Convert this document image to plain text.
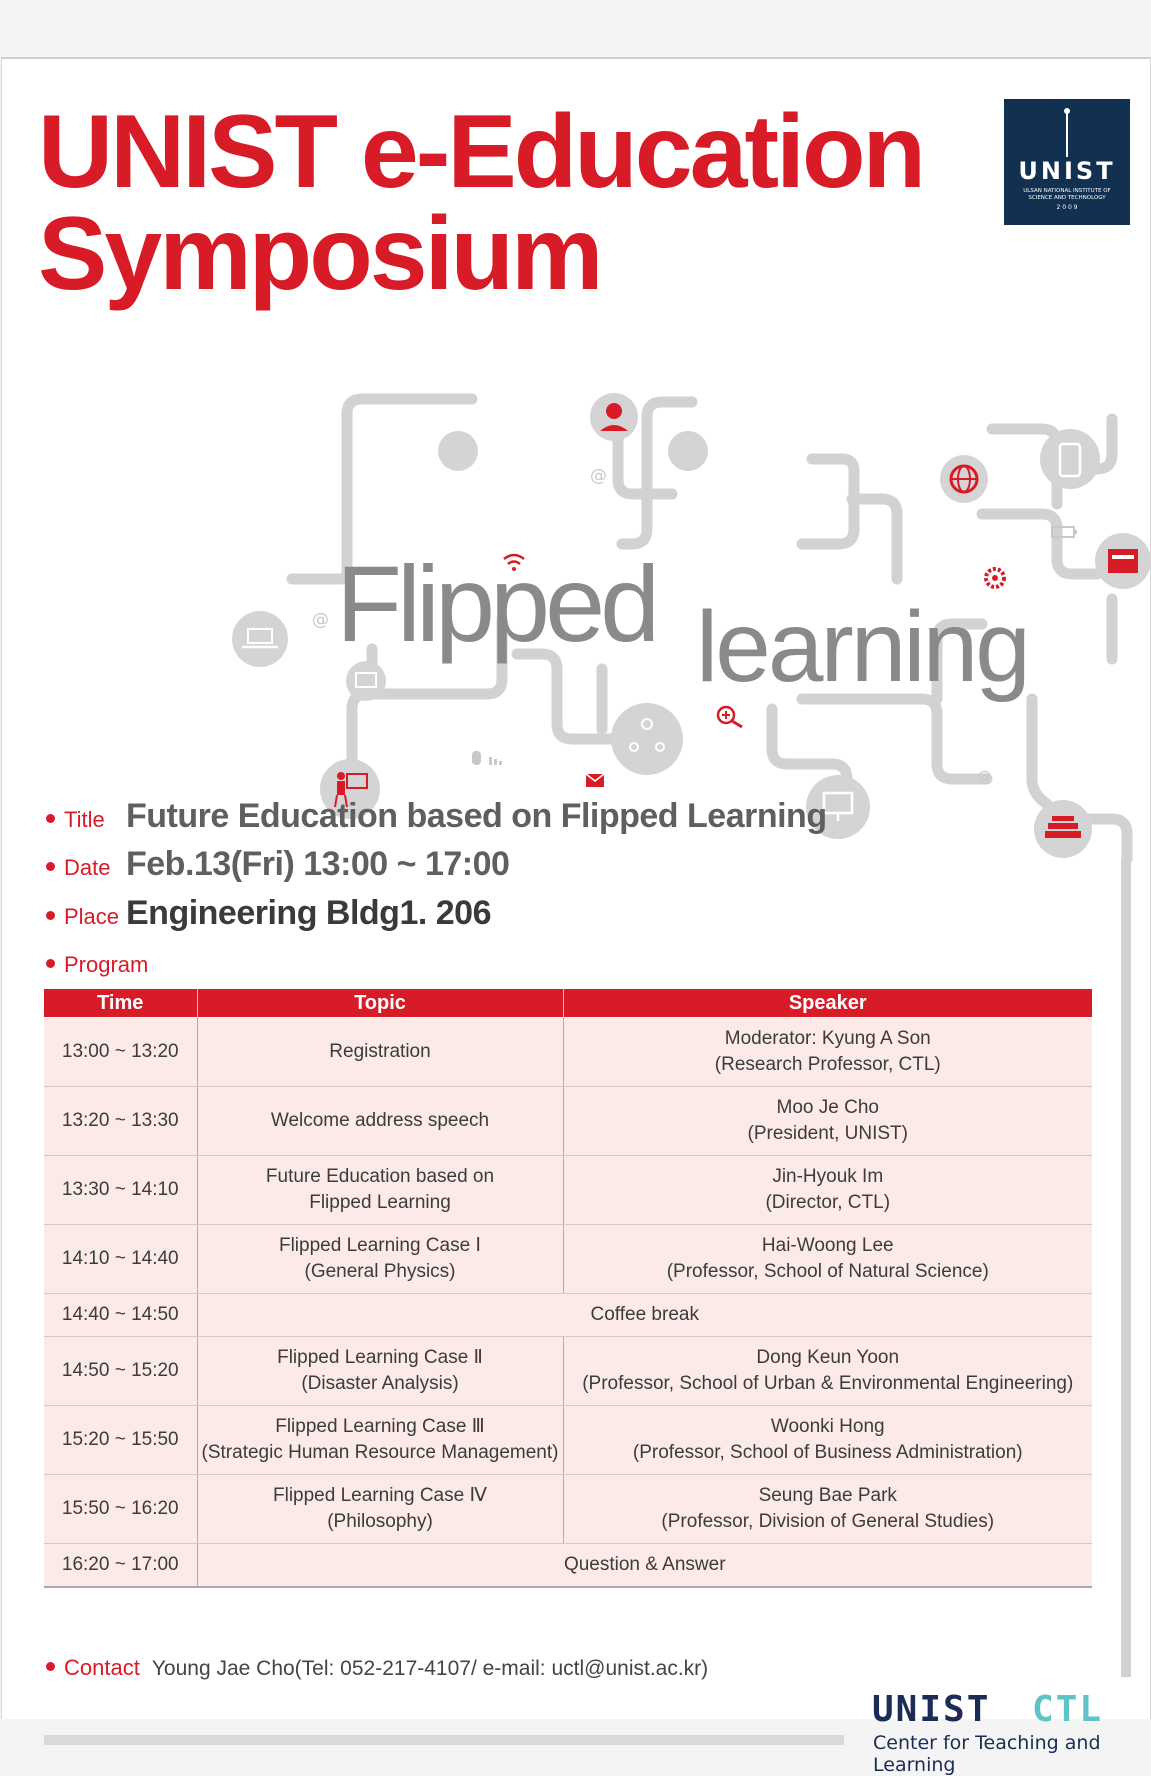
UNIST e-Education
Symposium
UNIST
ULSAN NATIONAL INSTITUTE OF
SCIENCE AND TECHNOLOGY
2 0 0 9
@
@
@
Flipped learning
Title Future Education based on Flipped Learning
Date Feb.13(Fri) 13:00 ~ 17:00
Place Engineering Bldg1. 206
Program
Time	Topic	Speaker
13:00 ~ 13:20	Registration	Moderator: Kyung A Son
(Research Professor, CTL)

13:20 ~ 13:30	Welcome address speech	Moo Je Cho
(President, UNIST)

13:30 ~ 14:10	Future Education based on
Flipped Learning	Jin-Hyouk Im
(Director, CTL)

14:10 ~ 14:40	Flipped Learning Case Ⅰ
(General Physics)	Hai-Woong Lee
(Professor, School of Natural Science)

14:40 ~ 14:50	Coffee break	
14:50 ~ 15:20	Flipped Learning Case Ⅱ
(Disaster Analysis)	Dong Keun Yoon
(Professor, School of Urban & Environmental Engineering)

15:20 ~ 15:50	Flipped Learning Case Ⅲ
(Strategic Human Resource Management)	Woonki Hong
(Professor, School of Business Administration)

15:50 ~ 16:20	Flipped Learning Case Ⅳ
(Philosophy)	Seung Bae Park
(Professor, Division of General Studies)

16:20 ~ 17:00	Question & Answer	
Contact Young Jae Cho(Tel: 052-217-4107/ e-mail: uctl@unist.ac.kr)
UNIST CTL
Center for Teaching and Learning
